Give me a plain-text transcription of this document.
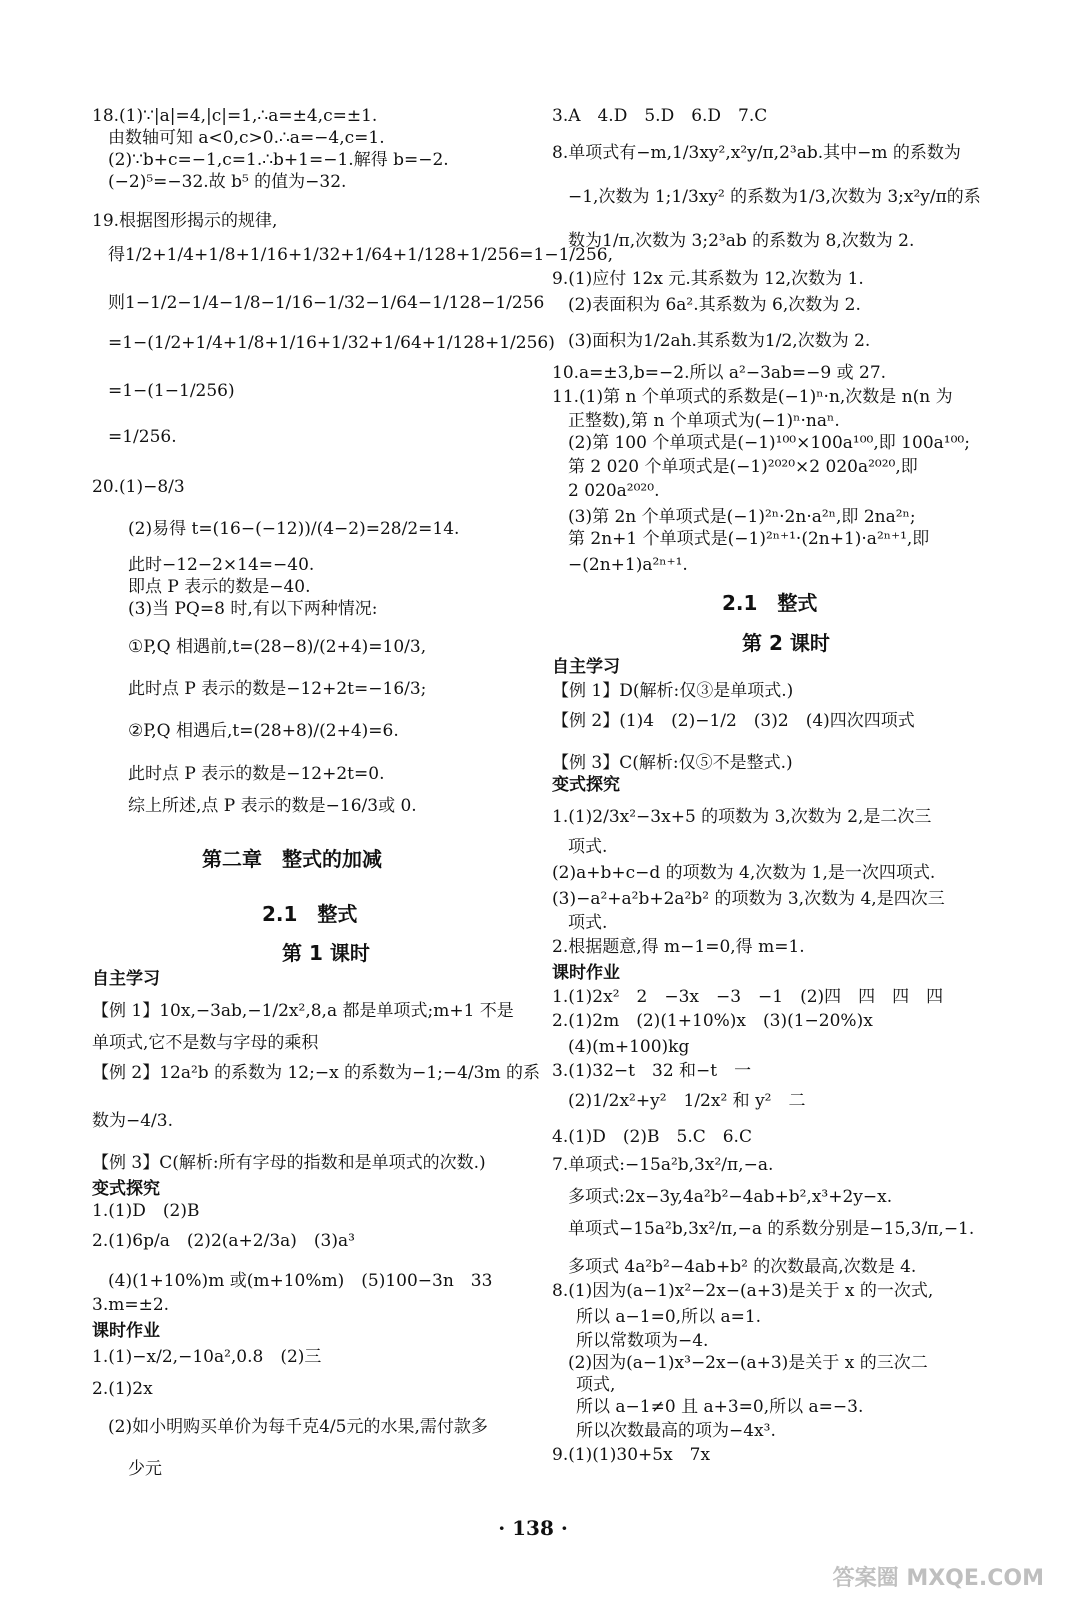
18.(1)∵|a|=4,|c|=1,∴a=±4,c=±1.
由数轴可知 a<0,c>0.∴a=−4,c=1.
(2)∵b+c=−1,c=1.∴b+1=−1.解得 b=−2.
(−2)⁵=−32.故 b⁵ 的值为−32.
19.根据图形揭示的规律,
得1/2+1/4+1/8+1/16+1/32+1/64+1/128+1/256=1−1/256,
则1−1/2−1/4−1/8−1/16−1/32−1/64−1/128−1/256
=1−(1/2+1/4+1/8+1/16+1/32+1/64+1/128+1/256)
=1−(1−1/256)
=1/256.
20.(1)−8/3
(2)易得 t=(16−(−12))/(4−2)=28/2=14.
此时−12−2×14=−40.
即点 P 表示的数是−40.
(3)当 PQ=8 时,有以下两种情况:
①P,Q 相遇前,t=(28−8)/(2+4)=10/3,
此时点 P 表示的数是−12+2t=−16/3;
②P,Q 相遇后,t=(28+8)/(2+4)=6.
此时点 P 表示的数是−12+2t=0.
综上所述,点 P 表示的数是−16/3或 0.
第二章　整式的加减
2.1　整式
第 1 课时
自主学习
【例 1】10x,−3ab,−1/2x²,8,a 都是单项式;m+1 不是
单项式,它不是数与字母的乘积
【例 2】12a²b 的系数为 12;−x 的系数为−1;−4/3m 的系
数为−4/3.
【例 3】C(解析:所有字母的指数和是单项式的次数.)
变式探究
1.(1)D　(2)B
2.(1)6p/a　(2)2(a+2/3a)　(3)a³
(4)(1+10%)m 或(m+10%m)　(5)100−3n　33
3.m=±2.
课时作业
1.(1)−x/2,−10a²,0.8　(2)三
2.(1)2x
(2)如小明购买单价为每千克4/5元的水果,需付款多
少元
3.A　4.D　5.D　6.D　7.C
8.单项式有−m,1/3xy²,x²y/π,2³ab.其中−m 的系数为
−1,次数为 1;1/3xy² 的系数为1/3,次数为 3;x²y/π的系
数为1/π,次数为 3;2³ab 的系数为 8,次数为 2.
9.(1)应付 12x 元.其系数为 12,次数为 1.
(2)表面积为 6a².其系数为 6,次数为 2.
(3)面积为1/2ah.其系数为1/2,次数为 2.
10.a=±3,b=−2.所以 a²−3ab=−9 或 27.
11.(1)第 n 个单项式的系数是(−1)ⁿ·n,次数是 n(n 为
正整数),第 n 个单项式为(−1)ⁿ·naⁿ.
(2)第 100 个单项式是(−1)¹⁰⁰×100a¹⁰⁰,即 100a¹⁰⁰;
第 2 020 个单项式是(−1)²⁰²⁰×2 020a²⁰²⁰,即
2 020a²⁰²⁰.
(3)第 2n 个单项式是(−1)²ⁿ·2n·a²ⁿ,即 2na²ⁿ;
第 2n+1 个单项式是(−1)²ⁿ⁺¹·(2n+1)·a²ⁿ⁺¹,即
−(2n+1)a²ⁿ⁺¹.
2.1　整式
第 2 课时
自主学习
【例 1】D(解析:仅③是单项式.)
【例 2】(1)4　(2)−1/2　(3)2　(4)四次四项式
【例 3】C(解析:仅⑤不是整式.)
变式探究
1.(1)2/3x²−3x+5 的项数为 3,次数为 2,是二次三
项式.
(2)a+b+c−d 的项数为 4,次数为 1,是一次四项式.
(3)−a²+a²b+2a²b² 的项数为 3,次数为 4,是四次三
项式.
2.根据题意,得 m−1=0,得 m=1.
课时作业
1.(1)2x²　2　−3x　−3　−1　(2)四　四　四　四
2.(1)2m　(2)(1+10%)x　(3)(1−20%)x
(4)(m+100)kg
3.(1)32−t　32 和−t　一
(2)1/2x²+y²　1/2x² 和 y²　二
4.(1)D　(2)B　5.C　6.C
7.单项式:−15a²b,3x²/π,−a.
多项式:2x−3y,4a²b²−4ab+b²,x³+2y−x.
单项式−15a²b,3x²/π,−a 的系数分别是−15,3/π,−1.
多项式 4a²b²−4ab+b² 的次数最高,次数是 4.
8.(1)因为(a−1)x²−2x−(a+3)是关于 x 的一次式,
所以 a−1=0,所以 a=1.
所以常数项为−4.
(2)因为(a−1)x³−2x−(a+3)是关于 x 的三次二
项式,
所以 a−1≠0 且 a+3=0,所以 a=−3.
所以次数最高的项为−4x³.
9.(1)(1)30+5x　7x
· 138 ·
答案圈 MXQE.COM
